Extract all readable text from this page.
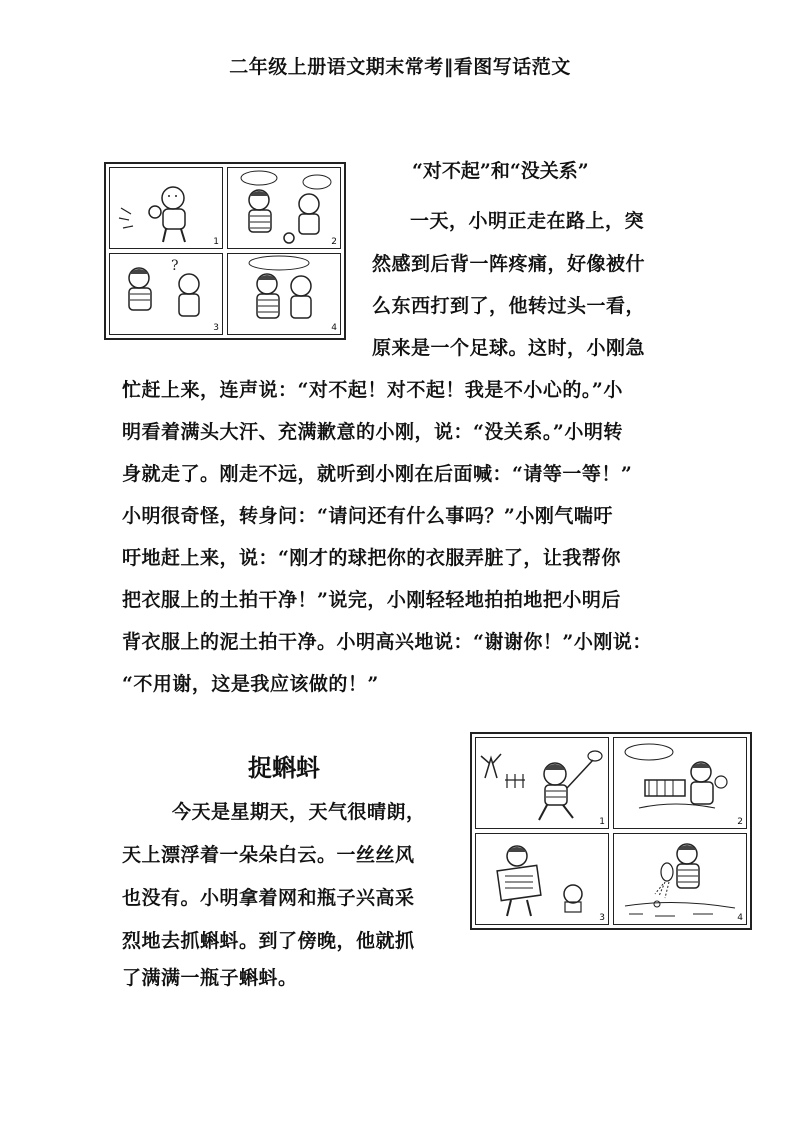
二年级上册语文期末常考‖看图写话范文
1	2
?
3	4
“对不起”和“没关系”
一天，小明正走在路上，突
然感到后背一阵疼痛，好像被什
么东西打到了，他转过头一看，
原来是一个足球。这时，小刚急
忙赶上来，连声说：“对不起！对不起！我是不小心的。”小
明看着满头大汗、充满歉意的小刚，说：“没关系。”小明转
身就走了。刚走不远，就听到小刚在后面喊：“请等一等！”
小明很奇怪，转身问：“请问还有什么事吗？”小刚气喘吁
吁地赶上来，说：“刚才的球把你的衣服弄脏了，让我帮你
把衣服上的土拍干净！”说完，小刚轻轻地拍拍地把小明后
背衣服上的泥土拍干净。小明高兴地说：“谢谢你！”小刚说：
“不用谢，这是我应该做的！”
捉蝌蚪
今天是星期天，天气很晴朗，
天上漂浮着一朵朵白云。一丝丝风
也没有。小明拿着网和瓶子兴高采
烈地去抓蝌蚪。到了傍晚，他就抓
了满满一瓶子蝌蚪。
1	2
3	4
